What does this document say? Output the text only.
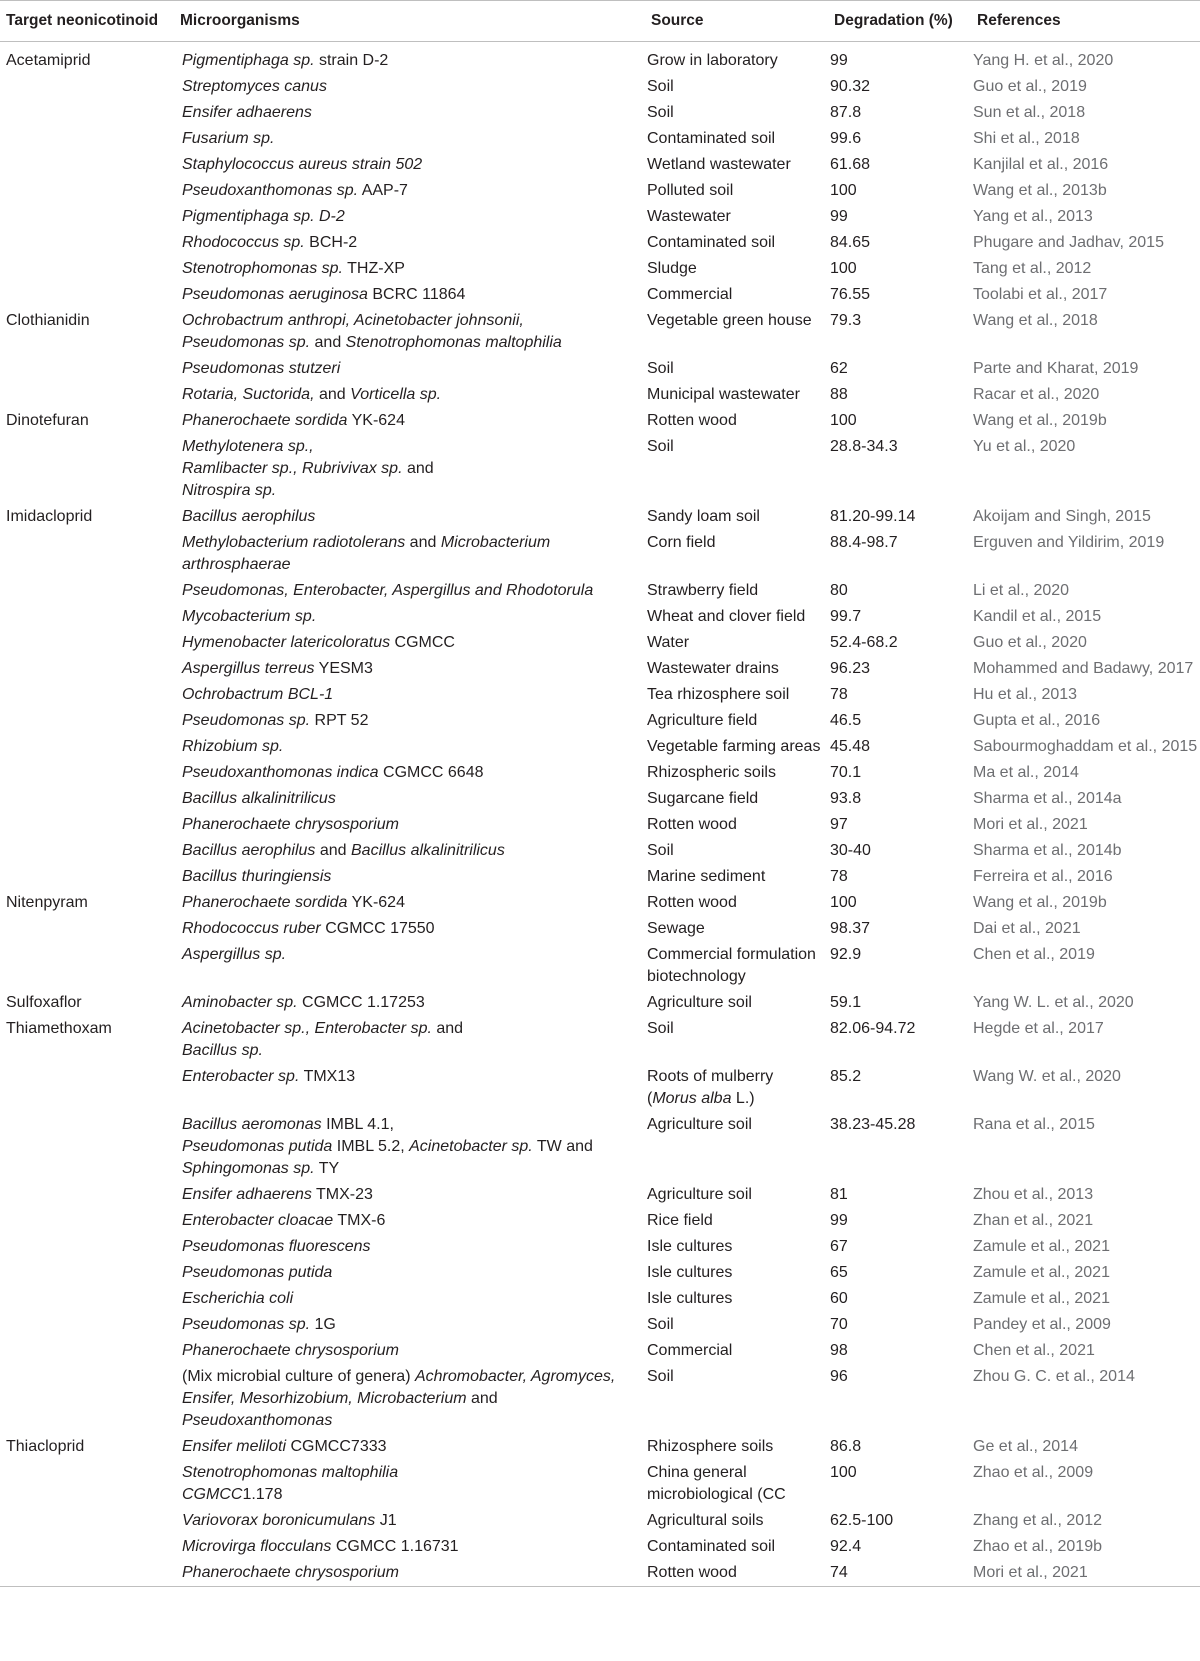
Target neonicotinoid	Microorganisms	Source	Degradation (%)	References
Acetamiprid	Pigmentiphaga sp. strain D-2	Grow in laboratory	99	Yang H. et al., 2020
	Streptomyces canus	Soil	90.32	Guo et al., 2019
	Ensifer adhaerens	Soil	87.8	Sun et al., 2018
	Fusarium sp.	Contaminated soil	99.6	Shi et al., 2018
	Staphylococcus aureus strain 502	Wetland wastewater	61.68	Kanjilal et al., 2016
	Pseudoxanthomonas sp. AAP-7	Polluted soil	100	Wang et al., 2013b
	Pigmentiphaga sp. D-2	Wastewater	99	Yang et al., 2013
	Rhodococcus sp. BCH-2	Contaminated soil	84.65	Phugare and Jadhav, 2015
	Stenotrophomonas sp. THZ-XP	Sludge	100	Tang et al., 2012
	Pseudomonas aeruginosa BCRC 11864	Commercial	76.55	Toolabi et al., 2017
Clothianidin	Ochrobactrum anthropi, Acinetobacter johnsonii,
Pseudomonas sp. and Stenotrophomonas maltophilia	Vegetable green house	79.3	Wang et al., 2018
	Pseudomonas stutzeri	Soil	62	Parte and Kharat, 2019
	Rotaria, Suctorida, and Vorticella sp.	Municipal wastewater	88	Racar et al., 2020
Dinotefuran	Phanerochaete sordida YK-624	Rotten wood	100	Wang et al., 2019b
	Methylotenera sp.,
Ramlibacter sp., Rubrivivax sp. and
Nitrospira sp.	Soil	28.8-34.3	Yu et al., 2020
Imidacloprid	Bacillus aerophilus	Sandy loam soil	81.20-99.14	Akoijam and Singh, 2015
	Methylobacterium radiotolerans and Microbacterium
arthrosphaerae	Corn field	88.4-98.7	Erguven and Yildirim, 2019
	Pseudomonas, Enterobacter, Aspergillus and Rhodotorula	Strawberry field	80	Li et al., 2020
	Mycobacterium sp.	Wheat and clover field	99.7	Kandil et al., 2015
	Hymenobacter latericoloratus CGMCC	Water	52.4-68.2	Guo et al., 2020
	Aspergillus terreus YESM3	Wastewater drains	96.23	Mohammed and Badawy, 2017
	Ochrobactrum BCL-1	Tea rhizosphere soil	78	Hu et al., 2013
	Pseudomonas sp. RPT 52	Agriculture field	46.5	Gupta et al., 2016
	Rhizobium sp.	Vegetable farming areas	45.48	Sabourmoghaddam et al., 2015
	Pseudoxanthomonas indica CGMCC 6648	Rhizospheric soils	70.1	Ma et al., 2014
	Bacillus alkalinitrilicus	Sugarcane field	93.8	Sharma et al., 2014a
	Phanerochaete chrysosporium	Rotten wood	97	Mori et al., 2021
	Bacillus aerophilus and Bacillus alkalinitrilicus	Soil	30-40	Sharma et al., 2014b
	Bacillus thuringiensis	Marine sediment	78	Ferreira et al., 2016
Nitenpyram	Phanerochaete sordida YK-624	Rotten wood	100	Wang et al., 2019b
	Rhodococcus ruber CGMCC 17550	Sewage	98.37	Dai et al., 2021
	Aspergillus sp.	Commercial formulation biotechnology	92.9	Chen et al., 2019
Sulfoxaflor	Aminobacter sp. CGMCC 1.17253	Agriculture soil	59.1	Yang W. L. et al., 2020
Thiamethoxam	Acinetobacter sp., Enterobacter sp. and
Bacillus sp.	Soil	82.06-94.72	Hegde et al., 2017
	Enterobacter sp. TMX13	Roots of mulberry
(Morus alba L.)	85.2	Wang W. et al., 2020
	Bacillus aeromonas IMBL 4.1,
Pseudomonas putida IMBL 5.2, Acinetobacter sp. TW and
Sphingomonas sp. TY	Agriculture soil	38.23-45.28	Rana et al., 2015
	Ensifer adhaerens TMX-23	Agriculture soil	81	Zhou et al., 2013
	Enterobacter cloacae TMX-6	Rice field	99	Zhan et al., 2021
	Pseudomonas fluorescens	Isle cultures	67	Zamule et al., 2021
	Pseudomonas putida	Isle cultures	65	Zamule et al., 2021
	Escherichia coli	Isle cultures	60	Zamule et al., 2021
	Pseudomonas sp. 1G	Soil	70	Pandey et al., 2009
	Phanerochaete chrysosporium	Commercial	98	Chen et al., 2021
	(Mix microbial culture of genera) Achromobacter, Agromyces,
Ensifer, Mesorhizobium, Microbacterium and
Pseudoxanthomonas	Soil	96	Zhou G. C. et al., 2014
Thiacloprid	Ensifer meliloti CGMCC7333	Rhizosphere soils	86.8	Ge et al., 2014
	Stenotrophomonas maltophilia
CGMCC1.178	China general microbiological (CC	100	Zhao et al., 2009
	Variovorax boronicumulans J1	Agricultural soils	62.5-100	Zhang et al., 2012
	Microvirga flocculans CGMCC 1.16731	Contaminated soil	92.4	Zhao et al., 2019b
	Phanerochaete chrysosporium	Rotten wood	74	Mori et al., 2021
